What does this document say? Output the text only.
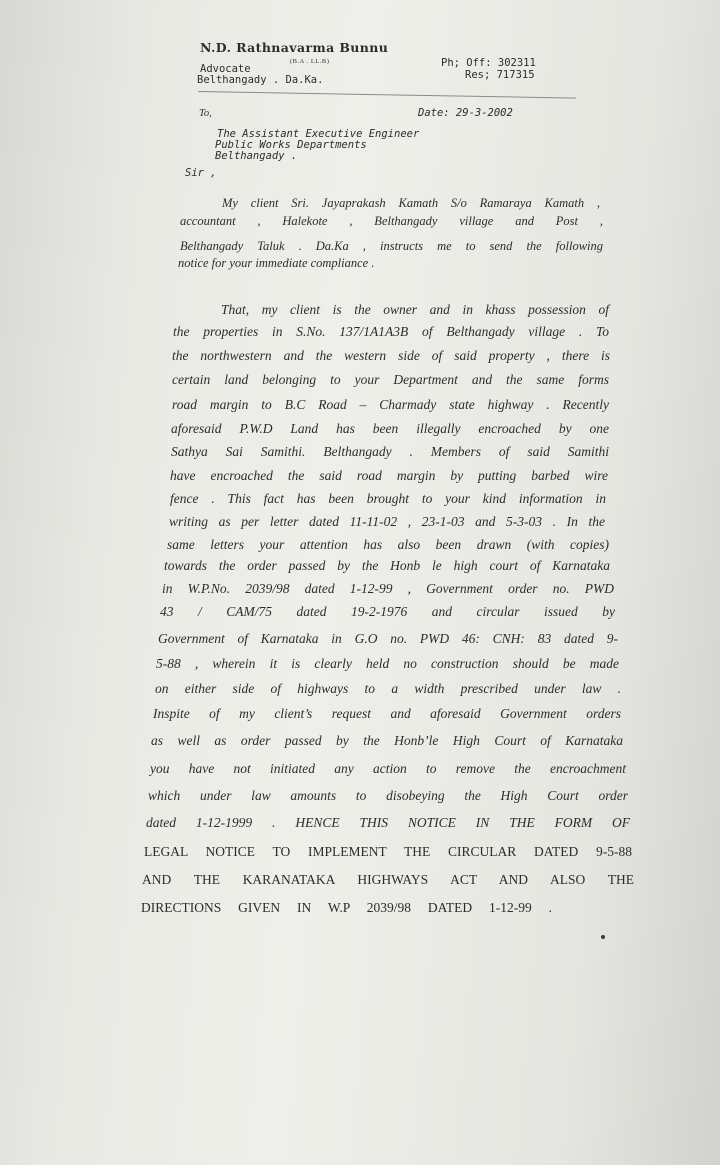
N.D. Rathnavarma Bunnu
(B.A . LL.B)
Advocate
Belthangady . Da.Ka.
Ph; Off: 302311
Res; 717315
Date: 29-3-2002
To,
The Assistant Executive Engineer
Public Works Departments
Belthangady .
Sir ,
My client Sri. Jayaprakash Kamath S/o Ramaraya Kamath ,
accountant , Halekote , Belthangady village and Post ,
Belthangady Taluk . Da.Ka , instructs me to send the following
notice for your immediate compliance .
That, my client is the owner and in khass possession of
the properties in S.No. 137/1A1A3B of Belthangady village . To
the northwestern and the western side of said property , there is
certain land belonging to your Department and the same forms
road margin to B.C Road – Charmady state highway . Recently
aforesaid P.W.D Land has been illegally encroached by one
Sathya Sai Samithi. Belthangady . Members of said Samithi
have encroached the said road margin by putting barbed wire
fence . This fact has been brought to your kind information in
writing as per letter dated 11-11-02 , 23-1-03 and 5-3-03 . In the
same letters your attention has also been drawn (with copies)
towards the order passed by the Honb le high court of Karnataka
in W.P.No. 2039/98 dated 1-12-99 , Government order no. PWD
43 / CAM/75 dated 19-2-1976 and circular issued by
Government of Karnataka in G.O no. PWD 46: CNH: 83 dated 9-
5-88 , wherein it is clearly held no construction should be made
on either side of highways to a width prescribed under law .
Inspite of my client’s request and aforesaid Government orders
as well as order passed by the Honb’le High Court of Karnataka
you have not initiated any action to remove the encroachment
which under law amounts to disobeying the High Court order
dated 1-12-1999 . HENCE THIS NOTICE IN THE FORM OF
LEGAL NOTICE TO IMPLEMENT THE CIRCULAR DATED 9-5-88
AND THE KARANATAKA HIGHWAYS ACT AND ALSO THE
DIRECTIONS GIVEN IN W.P 2039/98 DATED 1-12-99 .
